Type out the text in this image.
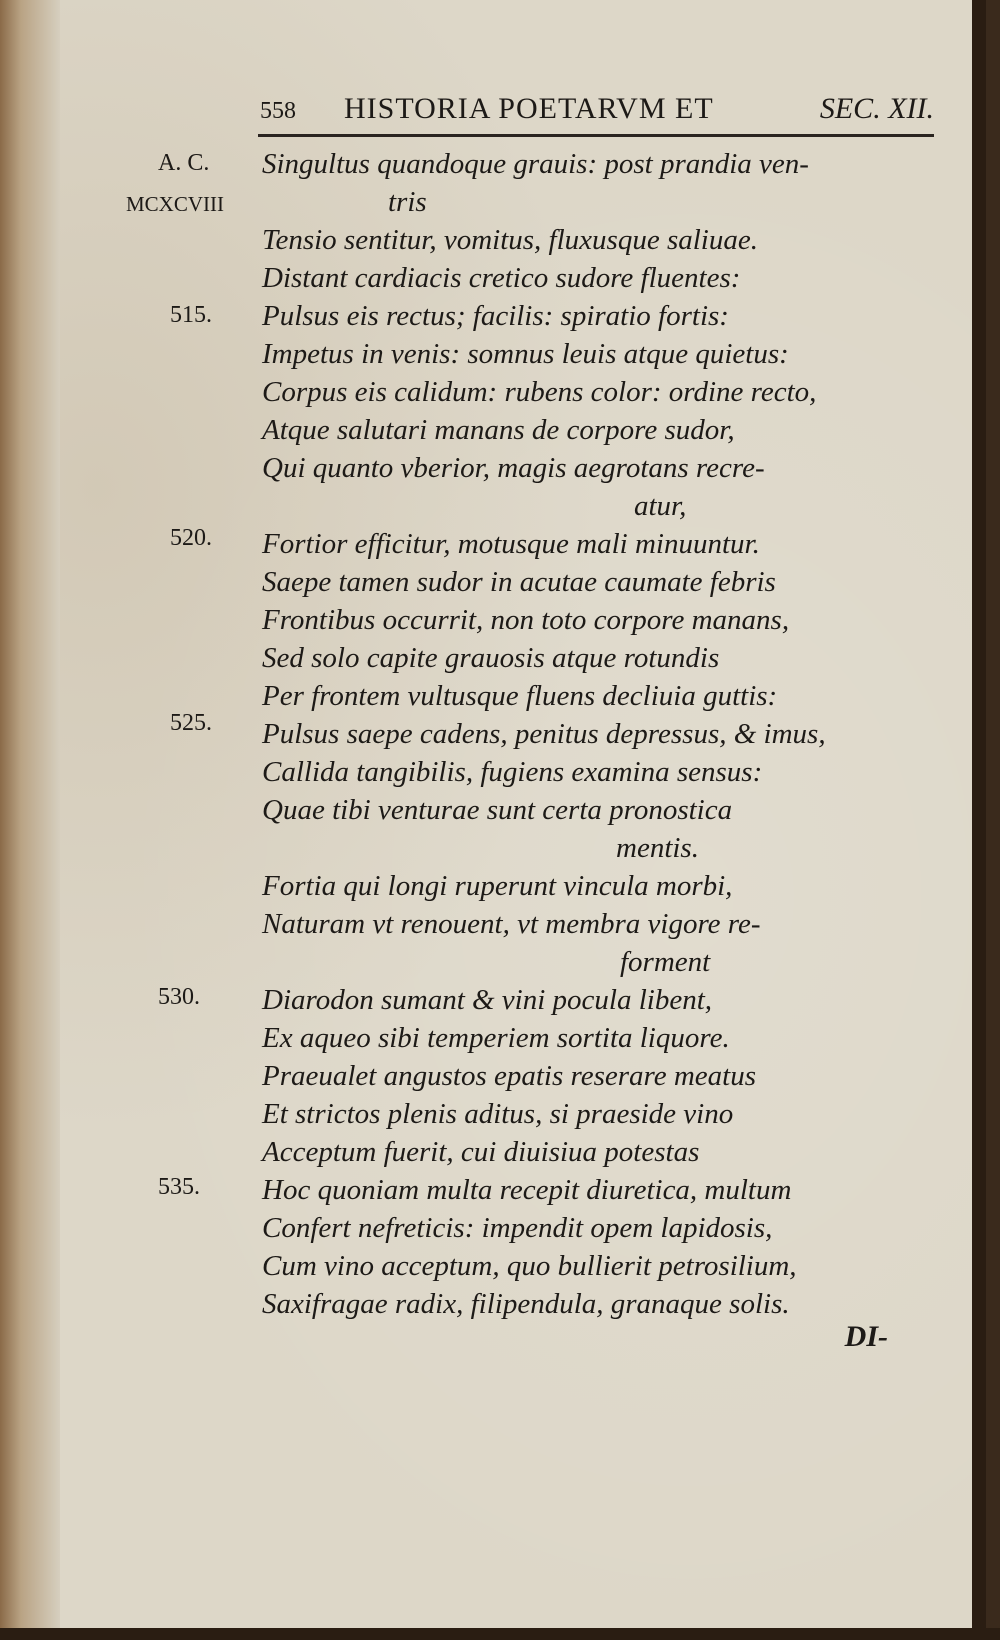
558 HISTORIA POETARVM ET	SEC. XII.
A. C.
MCXCVIII
515.
520.
525.
530.
535.
Singultus quandoque grauis: post prandia ven-
tris
Tensio sentitur, vomitus, fluxusque saliuae.
Distant cardiacis cretico sudore fluentes:
Pulsus eis rectus; facilis: spiratio fortis:
Impetus in venis: somnus leuis atque quietus:
Corpus eis calidum: rubens color: ordine recto,
Atque salutari manans de corpore sudor,
Qui quanto vberior, magis aegrotans recre-
atur,
Fortior efficitur, motusque mali minuuntur.
Saepe tamen sudor in acutae caumate febris
Frontibus occurrit, non toto corpore manans,
Sed solo capite grauosis atque rotundis
Per frontem vultusque fluens decliuia guttis:
Pulsus saepe cadens, penitus depressus, & imus,
Callida tangibilis, fugiens examina sensus:
Quae tibi venturae sunt certa pronostica
mentis.
Fortia qui longi ruperunt vincula morbi,
Naturam vt renouent, vt membra vigore re-
forment
Diarodon sumant & vini pocula libent,
Ex aqueo sibi temperiem sortita liquore.
Praeualet angustos epatis reserare meatus
Et strictos plenis aditus, si praeside vino
Acceptum fuerit, cui diuisiua potestas
Hoc quoniam multa recepit diuretica, multum
Confert nefreticis: impendit opem lapidosis,
Cum vino acceptum, quo bullierit petrosilium,
Saxifragae radix, filipendula, granaque solis.
DI-
